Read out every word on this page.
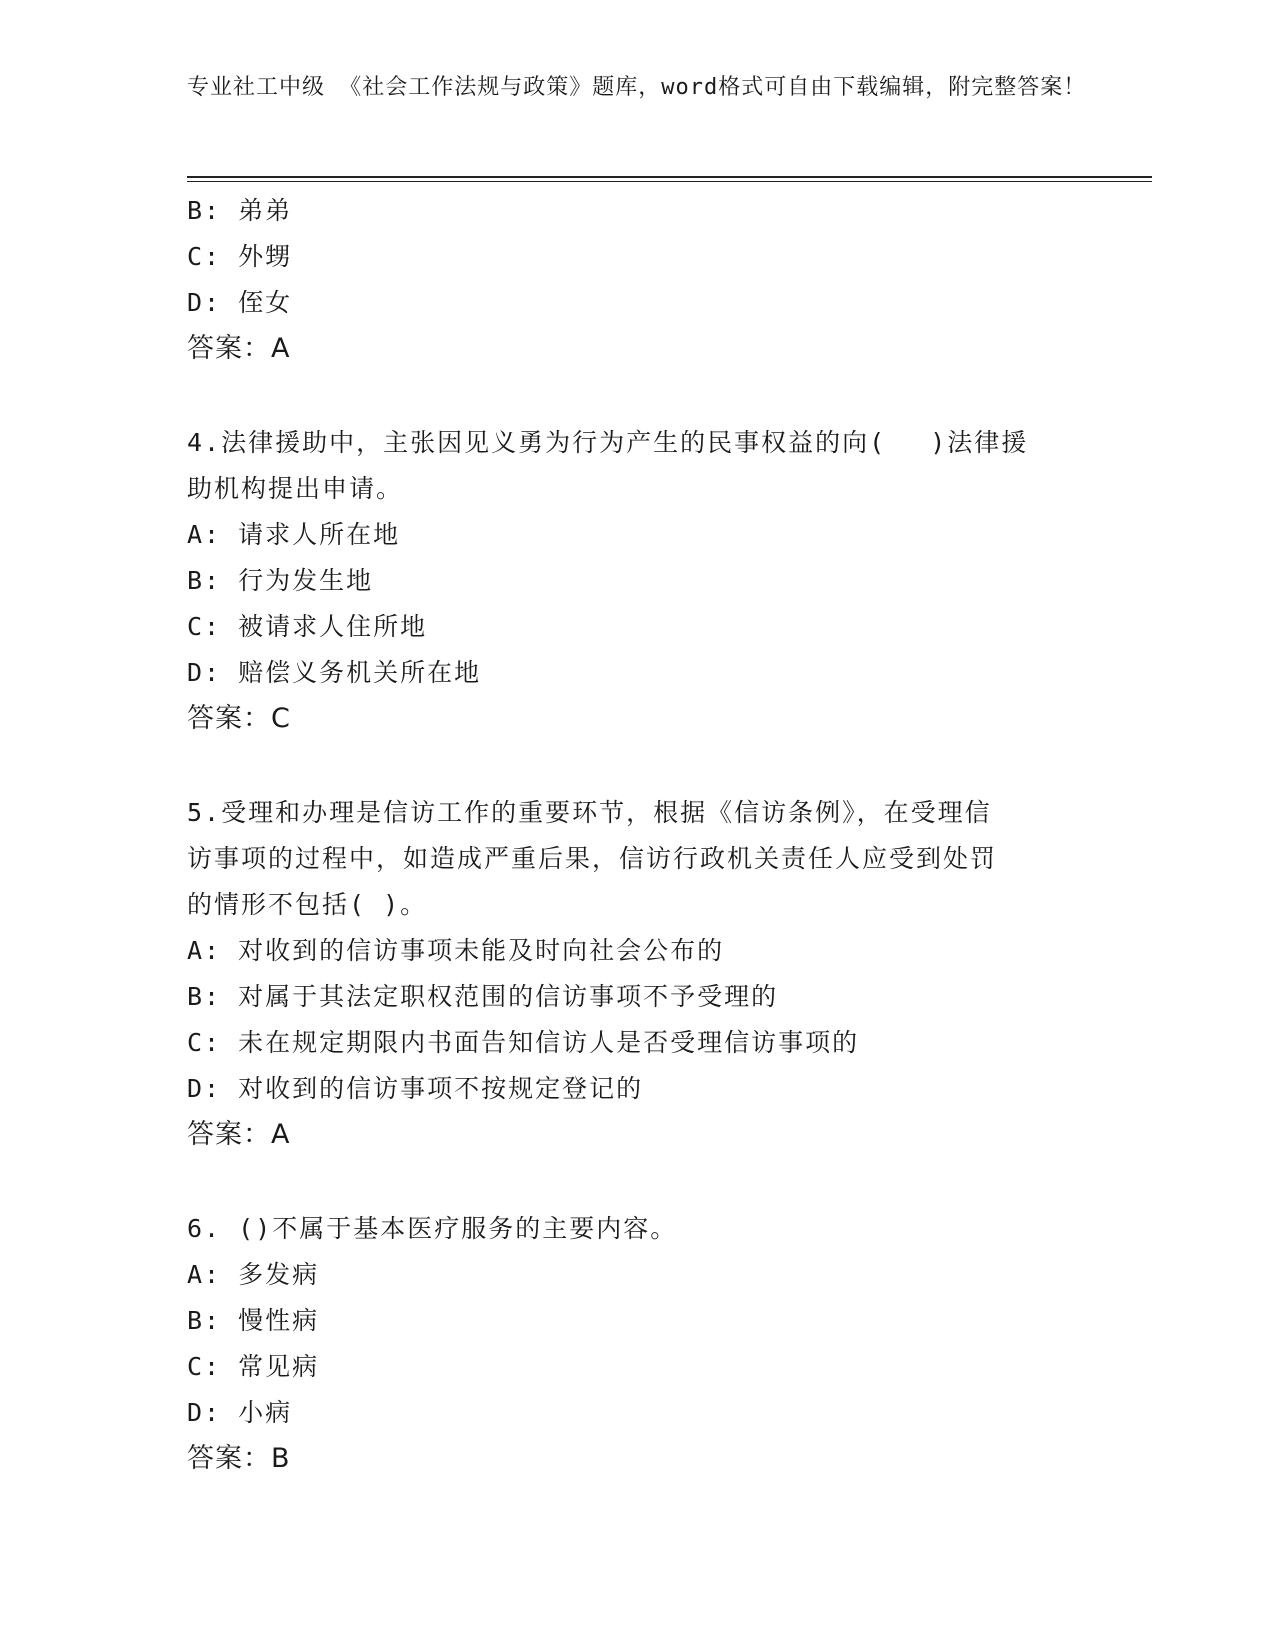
专业社工中级 《社会工作法规与政策》题库，word格式可自由下载编辑，附完整答案！
B: 弟弟
C: 外甥
D: 侄女
答案：A
4.法律援助中，主张因见义勇为行为产生的民事权益的向(　 )法律援
助机构提出申请。
A: 请求人所在地
B: 行为发生地
C: 被请求人住所地
D: 赔偿义务机关所在地
答案：C
5.受理和办理是信访工作的重要环节，根据《信访条例》，在受理信
访事项的过程中，如造成严重后果，信访行政机关责任人应受到处罚
的情形不包括( )。
A: 对收到的信访事项未能及时向社会公布的
B: 对属于其法定职权范围的信访事项不予受理的
C: 未在规定期限内书面告知信访人是否受理信访事项的
D: 对收到的信访事项不按规定登记的
答案：A
6. ()不属于基本医疗服务的主要内容。
A: 多发病
B: 慢性病
C: 常见病
D: 小病
答案：B
